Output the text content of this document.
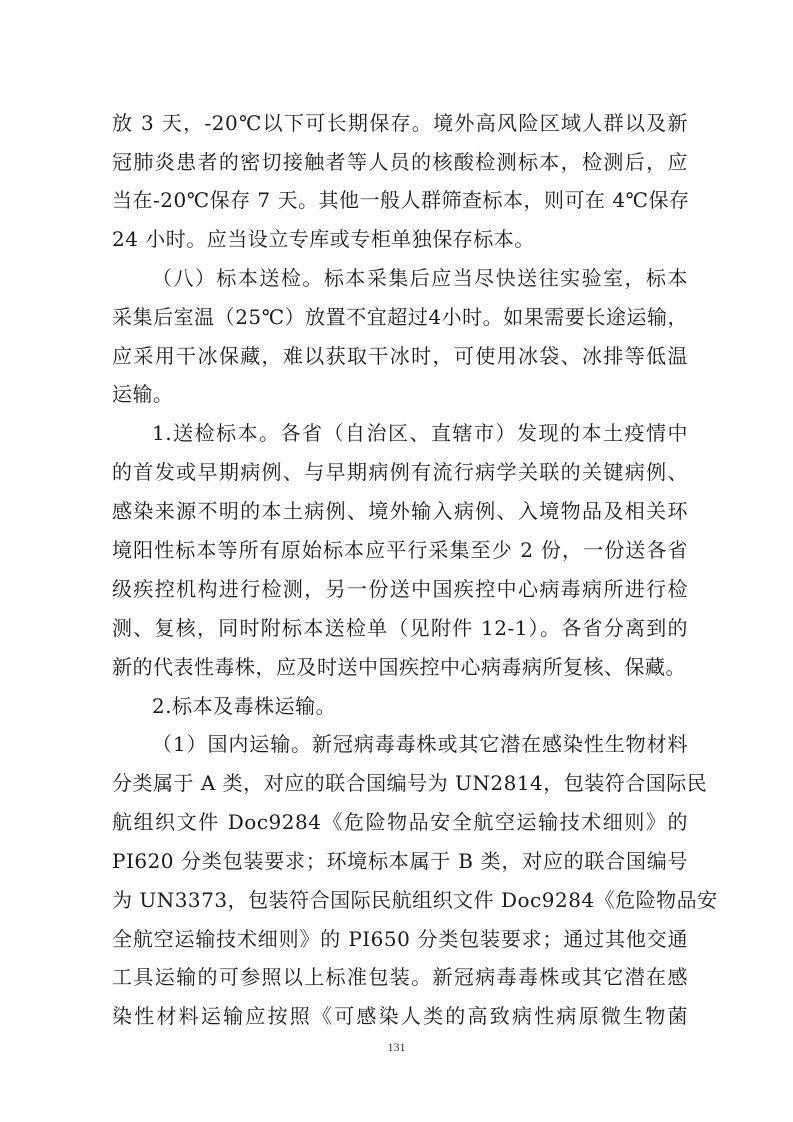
放 3 天，-20℃以下可长期保存。境外高风险区域人群以及新
冠肺炎患者的密切接触者等人员的核酸检测标本，检测后，应
当在-20℃保存 7 天。其他一般人群筛查标本，则可在 4℃保存
24 小时。应当设立专库或专柜单独保存标本。
（八）标本送检。标本采集后应当尽快送往实验室，标本
采集后室温（25℃）放置不宜超过4小时。如果需要长途运输，
应采用干冰保藏，难以获取干冰时，可使用冰袋、冰排等低温
运输。
1.送检标本。各省（自治区、直辖市）发现的本土疫情中
的首发或早期病例、与早期病例有流行病学关联的关键病例、
感染来源不明的本土病例、境外输入病例、入境物品及相关环
境阳性标本等所有原始标本应平行采集至少 2 份，一份送各省
级疾控机构进行检测，另一份送中国疾控中心病毒病所进行检
测、复核，同时附标本送检单（见附件 12-1）。各省分离到的
新的代表性毒株，应及时送中国疾控中心病毒病所复核、保藏。
2.标本及毒株运输。
（1）国内运输。新冠病毒毒株或其它潜在感染性生物材料
分类属于 A 类，对应的联合国编号为 UN2814，包装符合国际民
航组织文件 Doc9284《危险物品安全航空运输技术细则》的
PI620 分类包装要求；环境标本属于 B 类，对应的联合国编号
为 UN3373，包装符合国际民航组织文件 Doc9284《危险物品安
全航空运输技术细则》的 PI650 分类包装要求；通过其他交通
工具运输的可参照以上标准包装。新冠病毒毒株或其它潜在感
染性材料运输应按照《可感染人类的高致病性病原微生物菌
131
